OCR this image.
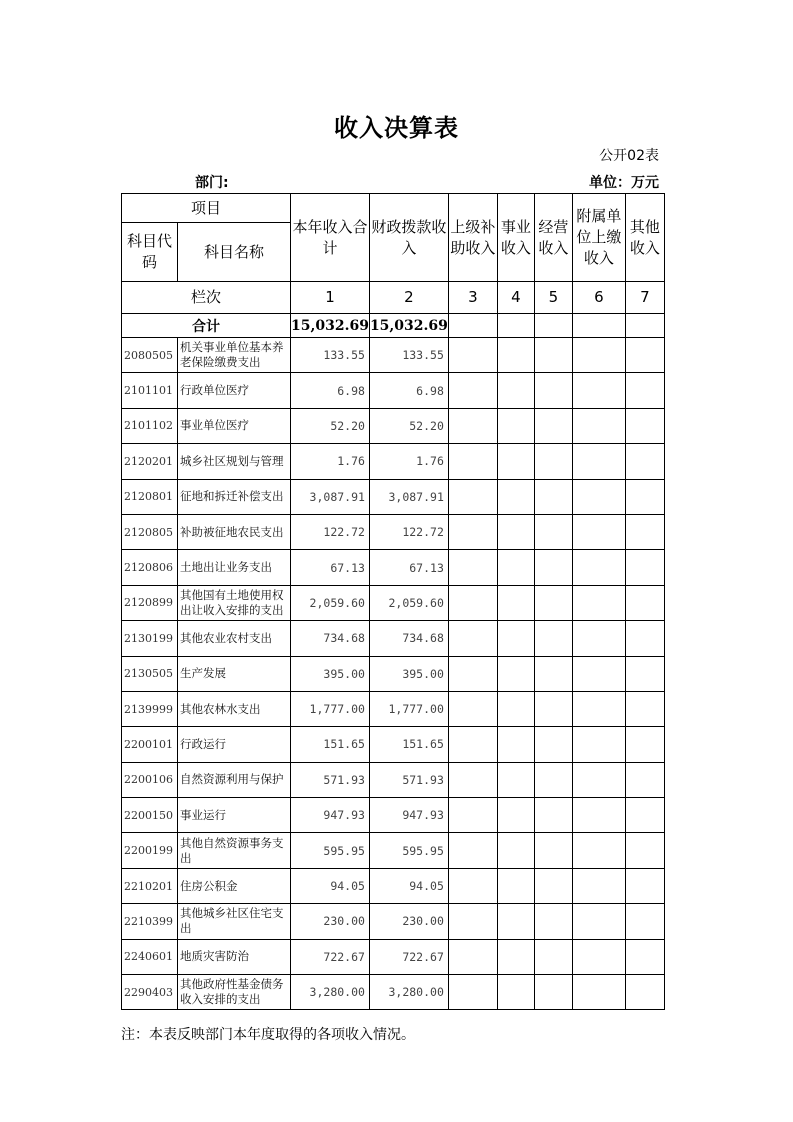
收入决算表
公开02表
部门:	单位：万元
项目		本年收入合计	财政拨款收入	上级补助收入	事业收入	经营收入	附属单位上缴收入	其他收入
科目代码	科目名称							
栏次		1	2	3	4	5	6	7
合计		15,032.69	15,032.69					
2080505	机关事业单位基本养老保险缴费支出	133.55	133.55					
2101101	行政单位医疗	6.98	6.98					
2101102	事业单位医疗	52.20	52.20					
2120201	城乡社区规划与管理	1.76	1.76					
2120801	征地和拆迁补偿支出	3,087.91	3,087.91					
2120805	补助被征地农民支出	122.72	122.72					
2120806	土地出让业务支出	67.13	67.13					
2120899	其他国有土地使用权出让收入安排的支出	2,059.60	2,059.60					
2130199	其他农业农村支出	734.68	734.68					
2130505	生产发展	395.00	395.00					
2139999	其他农林水支出	1,777.00	1,777.00					
2200101	行政运行	151.65	151.65					
2200106	自然资源利用与保护	571.93	571.93					
2200150	事业运行	947.93	947.93					
2200199	其他自然资源事务支出	595.95	595.95					
2210201	住房公积金	94.05	94.05					
2210399	其他城乡社区住宅支出	230.00	230.00					
2240601	地质灾害防治	722.67	722.67					
2290403	其他政府性基金债务收入安排的支出	3,280.00	3,280.00					
注：本表反映部门本年度取得的各项收入情况。
